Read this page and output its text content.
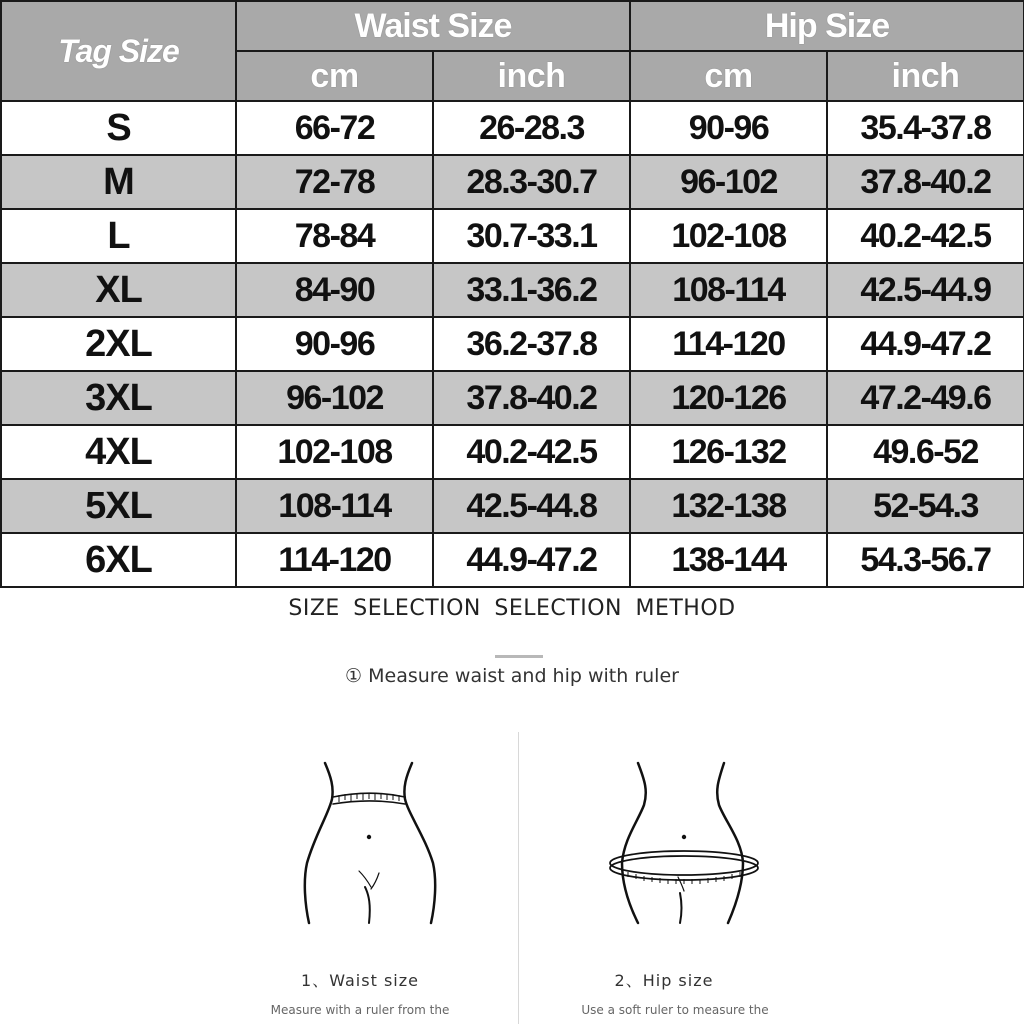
Tag Size	Waist Size		Hip Size	
	cm	inch	cm	inch
S	66-72	26-28.3	90-96	35.4-37.8
M	72-78	28.3-30.7	96-102	37.8-40.2
L	78-84	30.7-33.1	102-108	40.2-42.5
XL	84-90	33.1-36.2	108-114	42.5-44.9
2XL	90-96	36.2-37.8	114-120	44.9-47.2
3XL	96-102	37.8-40.2	120-126	47.2-49.6
4XL	102-108	40.2-42.5	126-132	49.6-52
5XL	108-114	42.5-44.8	132-138	52-54.3
6XL	114-120	44.9-47.2	138-144	54.3-56.7
SIZE SELECTION SELECTION METHOD
① Measure waist and hip with ruler
1、Waist size	2、Hip size
Measure with a ruler from the	Use a soft ruler to measure the
